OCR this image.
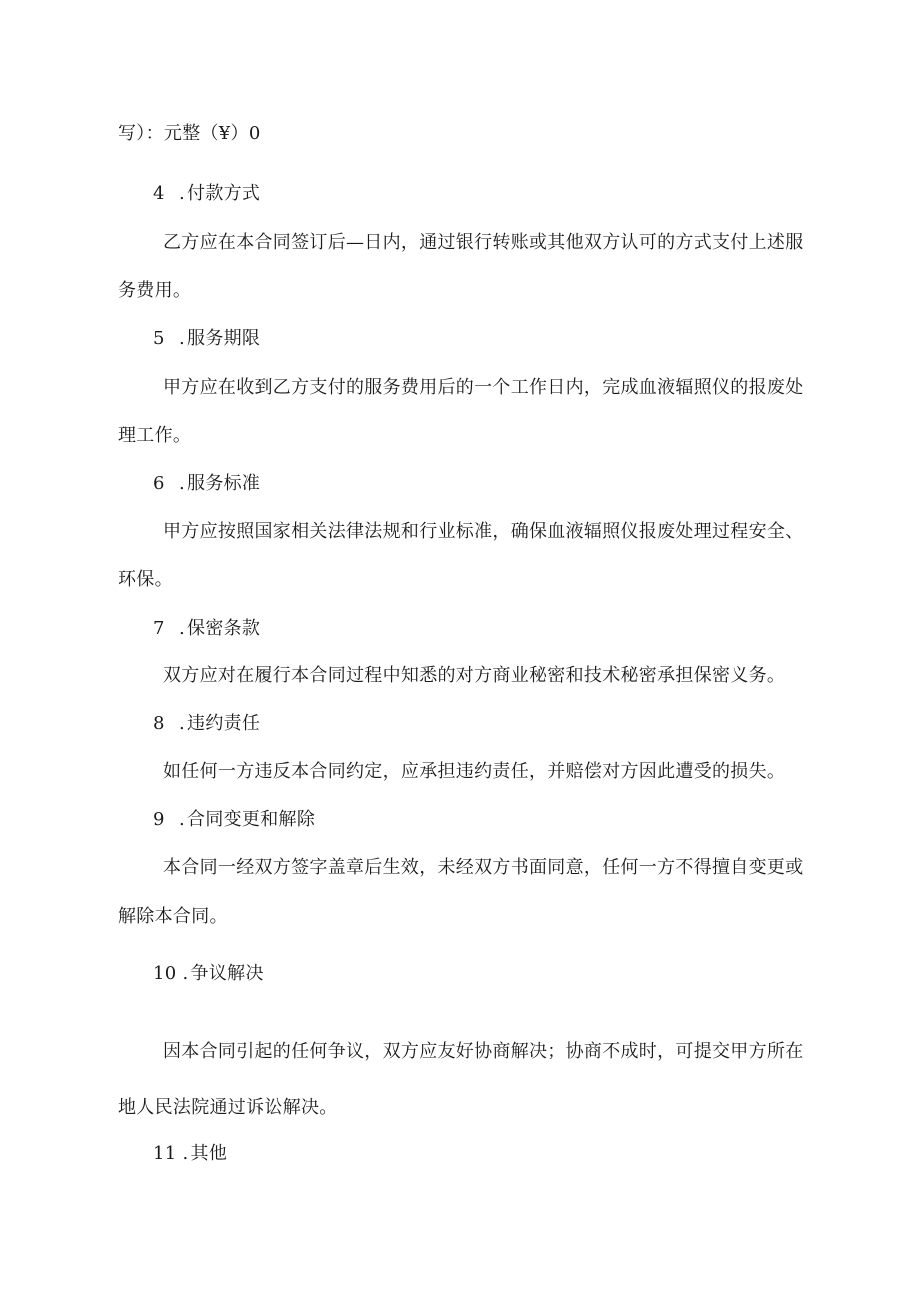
写）：元整（¥）0
4 . 付款方式
乙方应在本合同签订后—日内，通过银行转账或其他双方认可的方式支付上述服
务费用。
5 . 服务期限
甲方应在收到乙方支付的服务费用后的一个工作日内，完成血液辐照仪的报废处
理工作。
6 . 服务标准
甲方应按照国家相关法律法规和行业标准，确保血液辐照仪报废处理过程安全、
环保。
7 . 保密条款
双方应对在履行本合同过程中知悉的对方商业秘密和技术秘密承担保密义务。
8 . 违约责任
如任何一方违反本合同约定，应承担违约责任，并赔偿对方因此遭受的损失。
9 . 合同变更和解除
本合同一经双方签字盖章后生效，未经双方书面同意，任何一方不得擅自变更或
解除本合同。
10 . 争议解决
因本合同引起的任何争议，双方应友好协商解决；协商不成时，可提交甲方所在
地人民法院通过诉讼解决。
11 . 其他
